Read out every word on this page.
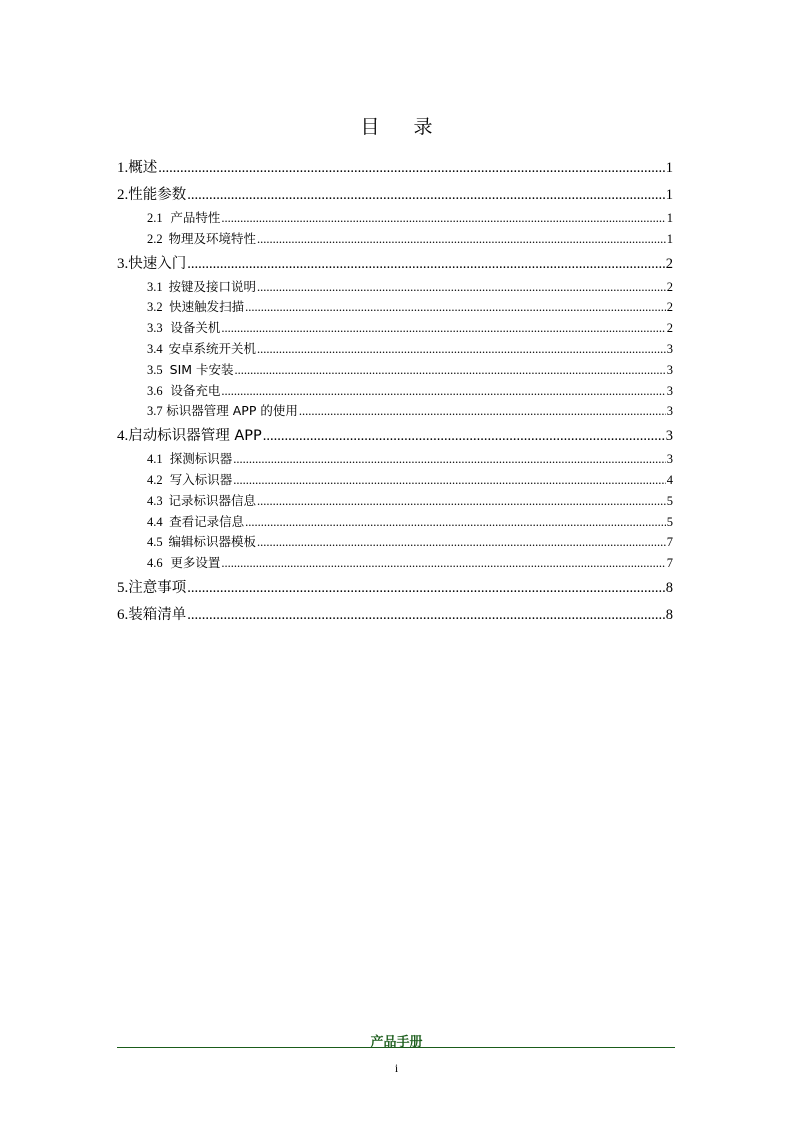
目 录
1. 概述 .....	1
2. 性能参数 .....	1
2.1 产品特性 .....	1
2.2 物理及环境特性 .....	1
3. 快速入门 .....	2
3.1 按键及接口说明 .....	2
3.2 快速触发扫描 .....	2
3.3 设备关机 .....	2
3.4 安卓系统开关机 .....	3
3.5 SIM 卡安装 .....	3
3.6 设备充电 .....	3
3.7 标识器管理 APP 的使用 .....	3
4. 启动标识器管理 APP .....	3
4.1 探测标识器 .....	3
4.2 写入标识器 .....	4
4.3 记录标识器信息 .....	5
4.4 查看记录信息 .....	5
4.5 编辑标识器模板 .....	7
4.6 更多设置 .....	7
5. 注意事项 .....	8
6. 装箱清单 .....	8
产品手册
i
